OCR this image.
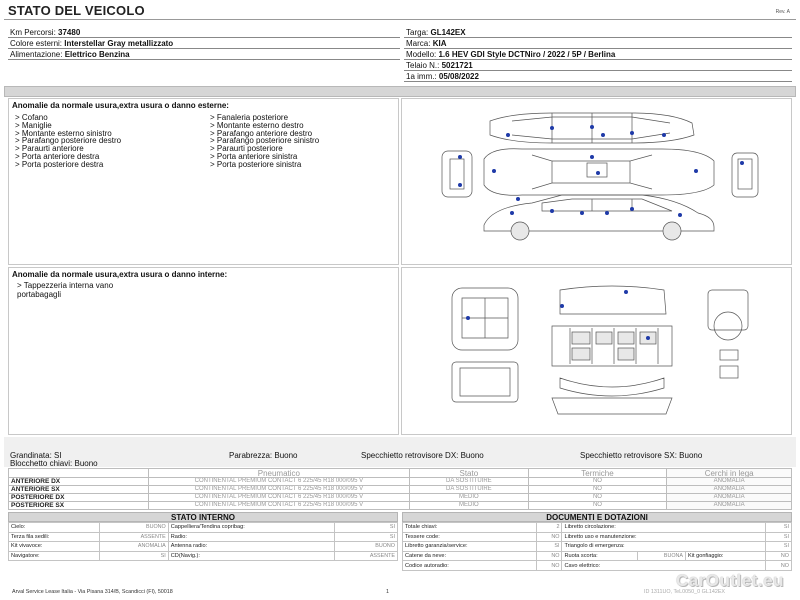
STATO DEL VEICOLO	Rev. A
Km Percorsi: 37480
Colore esterni: Interstellar Gray metallizzato
Alimentazione: Elettrico Benzina
Targa: GL142EX
Marca: KIA
Modello: 1.6 HEV GDI Style DCTNiro / 2022 / 5P / Berlina
Telaio N.: 5021721
1a imm.: 05/08/2022
Anomalie da normale usura,extra usura o danno esterne:
> Cofano
> Maniglie
> Montante esterno sinistro
> Parafango posteriore destro
> Paraurti anteriore
> Porta anteriore destra
> Porta posteriore destra
> Fanaleria posteriore
> Montante esterno destro
> Parafango anteriore destro
> Parafango posteriore sinistro
> Paraurti posteriore
> Porta anteriore sinistra
> Porta posteriore sinistra
Anomalie da normale usura,extra usura o danno interne:
> Tappezzeria interna vano
portabagagli
Grandinata: SI	Parabrezza: Buono	Specchietto retrovisore DX: Buono	Specchietto retrovisore SX: Buono
Blocchetto chiavi: Buono
	Pneumatico	Stato	Termiche	Cerchi in lega
ANTERIORE DX	CONTINENTAL PREMIUM CONTACT 6 225/45 R18 000/095 V	DA SOSTITUIRE	NO	ANOMALIA
ANTERIORE SX	CONTINENTAL PREMIUM CONTACT 6 225/45 R18 000/095 V	DA SOSTITUIRE	NO	ANOMALIA
POSTERIORE DX	CONTINENTAL PREMIUM CONTACT 6 225/45 R18 000/095 V	MEDIO	NO	ANOMALIA
POSTERIORE SX	CONTINENTAL PREMIUM CONTACT 6 225/45 R18 000/095 V	MEDIO	NO	ANOMALIA
STATO INTERNO
Cielo:	BUONO	Cappelliera/Tendina copribag:	SI
Terza fila sedili:	ASSENTE	Radio:	SI
Kit vivavoce:	ANOMALIA	Antenna radio:	BUONO
Navigatore:	SI	CD(Navig.):	ASSENTE
DOCUMENTI E DOTAZIONI
Totale chiavi:	2	Libretto circolazione:			SI
Tessere code:	NO	Libretto uso e manutenzione:			SI
Libretto garanzia/service:	SI	Triangolo di emergenza:			SI
Catene da neve:	NO	Ruota scorta:	BUONA	Kit gonfiaggio:	NO
Codice autoradio:	NO	Cavo elettrico:			NO
Arval Service Lease Italia - Via Pisana 314/B, Scandicci (FI), 50018	1	ID 1311UO, TeL0050_0 GL142EX
CarOutlet.eu
